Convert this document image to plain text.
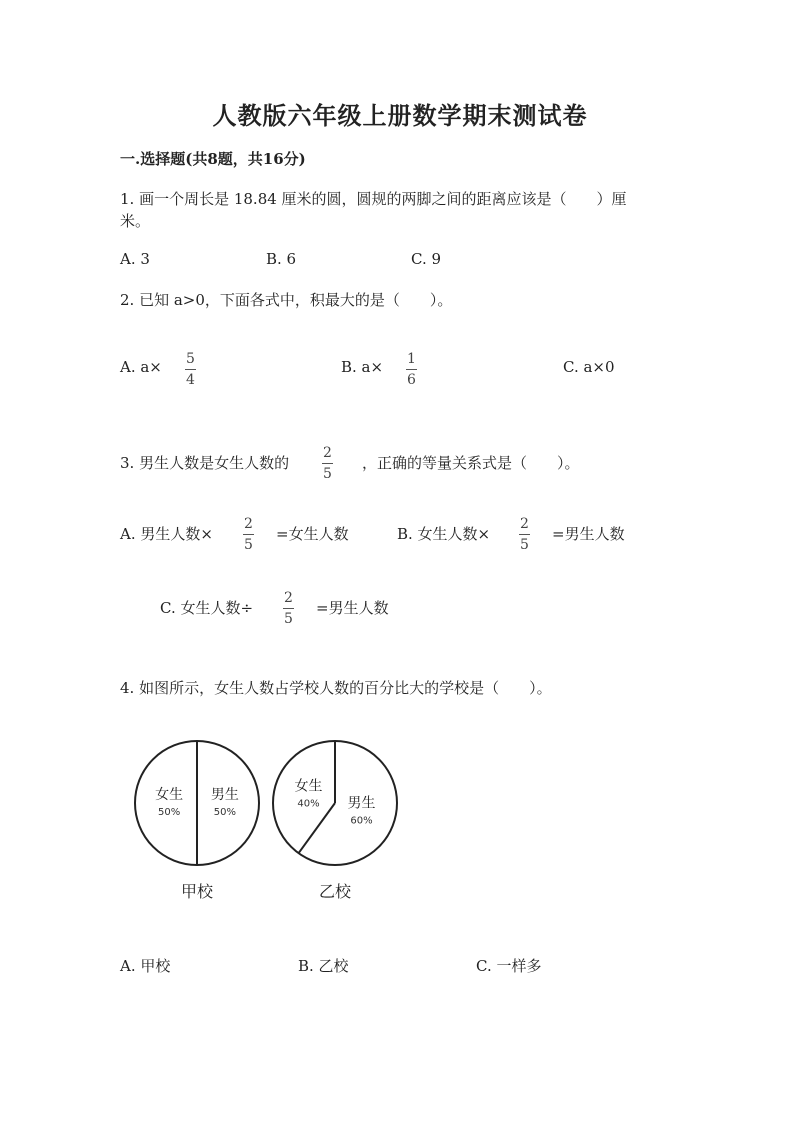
人教版六年级上册数学期末测试卷
一.选择题(共8题，共16分)
1. 画一个周长是 18.84 厘米的圆，圆规的两脚之间的距离应该是（　　）厘
米。
A. 3	B. 6	C. 9
2. 已知 a>0，下面各式中，积最大的是（　　）。
A. a× 5
4
B. a× 1
6
C. a×0
3. 男生人数是女生人数的
2
5
，正确的等量关系式是（　　）。
A. 男生人数×
2
5
=女生人数	B. 女生人数×
2
5
=男生人数
C. 女生人数÷
2
5
=男生人数
4. 如图所示，女生人数占学校人数的百分比大的学校是（　　）。
女生
50%
男生
50%
甲校
女生
40% 男生
60%
乙校
A. 甲校	B. 乙校	C. 一样多
